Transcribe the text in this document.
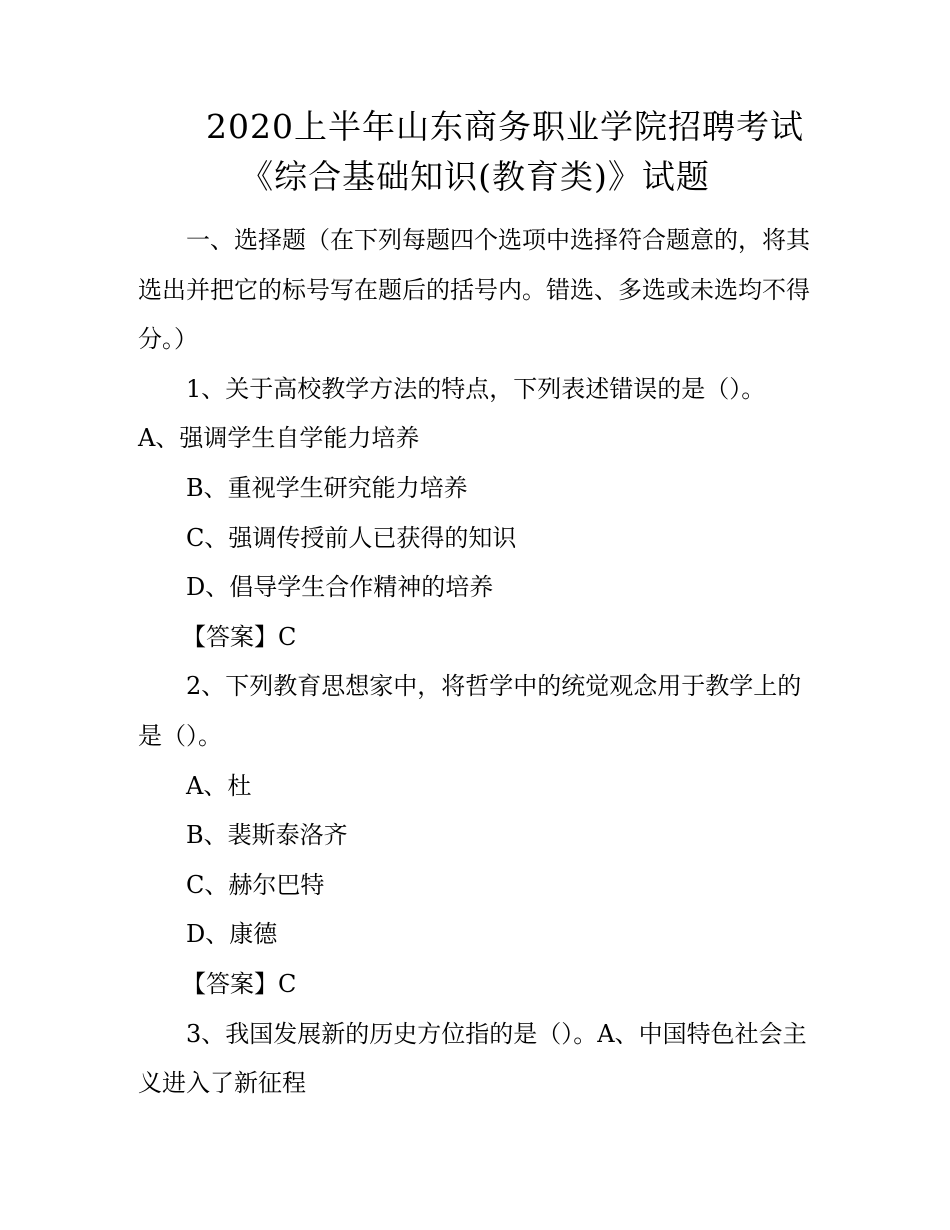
2020上半年山东商务职业学院招聘考试
《综合基础知识(教育类)》试题

一、选择题（在下列每题四个选项中选择符合题意的，将其选出并把它的标号写在题后的括号内。错选、多选或未选均不得分。）

1、关于高校教学方法的特点，下列表述错误的是（）。

A、强调学生自学能力培养

B、重视学生研究能力培养

C、强调传授前人已获得的知识

D、倡导学生合作精神的培养

【答案】C

2、下列教育思想家中，将哲学中的统觉观念用于教学上的是（）。

A、杜

B、裴斯泰洛齐

C、赫尔巴特

D、康德

【答案】C

3、我国发展新的历史方位指的是（）。A、中国特色社会主义进入了新征程
